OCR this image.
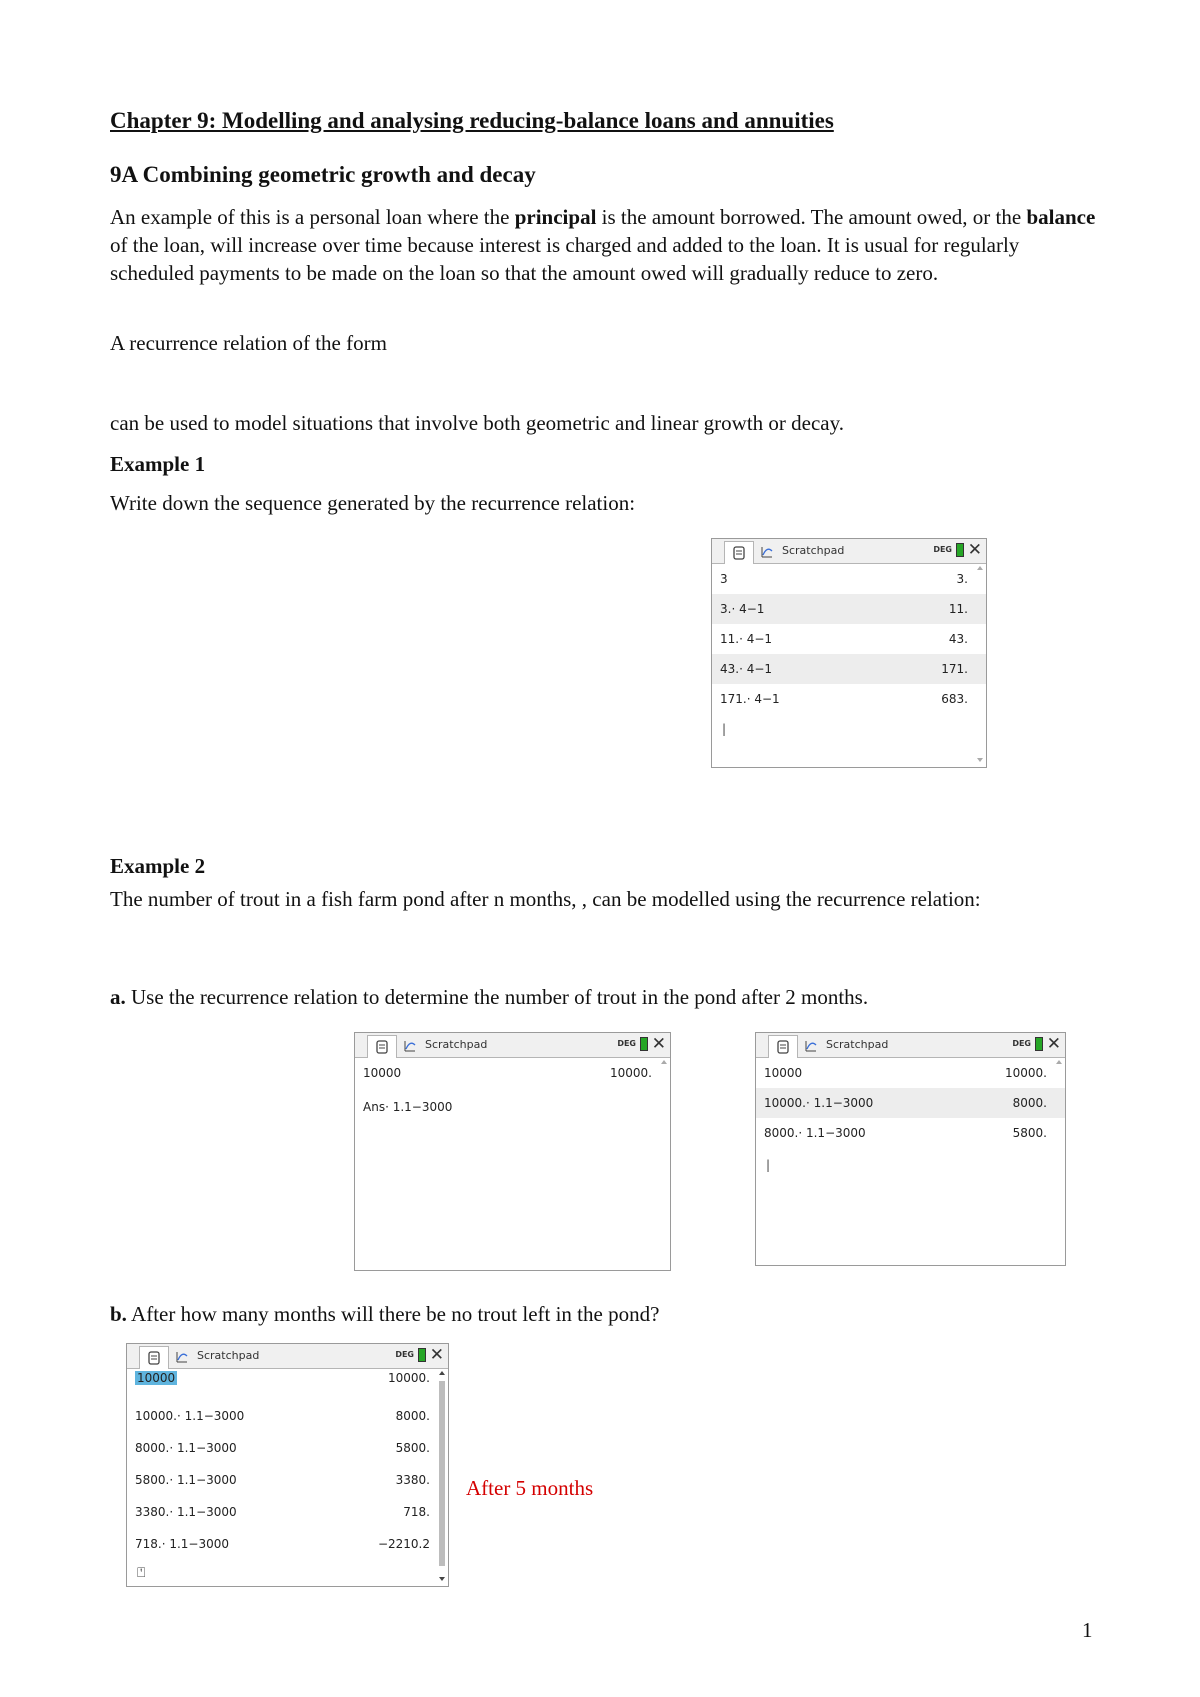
Chapter 9: Modelling and analysing reducing-balance loans and annuities
9A Combining geometric growth and decay
An example of this is a personal loan where the principal is the amount borrowed. The amount owed, or the balance of the loan, will increase over time because interest is charged and added to the loan. It is usual for regularly scheduled payments to be made on the loan so that the amount owed will gradually reduce to zero.
A recurrence relation of the form
can be used to model situations that involve both geometric and linear growth or decay.
Example 1
Write down the sequence generated by the recurrence relation:
Scratchpad	DEG ✕
3	3.
3.· 4−1	11.
11.· 4−1	43.
43.· 4−1	171.
171.· 4−1	683.
|
Example 2
The number of trout in a fish farm pond after n months, , can be modelled using the recurrence relation:
a. Use the recurrence relation to determine the number of trout in the pond after 2 months.
Scratchpad	DEG ✕
10000	10000.
Ans· 1.1−3000
Scratchpad	DEG ✕
10000	10000.
10000.· 1.1−3000	8000.
8000.· 1.1−3000	5800.
|
b. After how many months will there be no trout left in the pond?
Scratchpad	DEG ✕
10000	10000.
10000.· 1.1−3000	8000.
8000.· 1.1−3000	5800.
5800.· 1.1−3000	3380.
3380.· 1.1−3000	718.
718.· 1.1−3000	−2210.2
⍞
After 5 months
1
